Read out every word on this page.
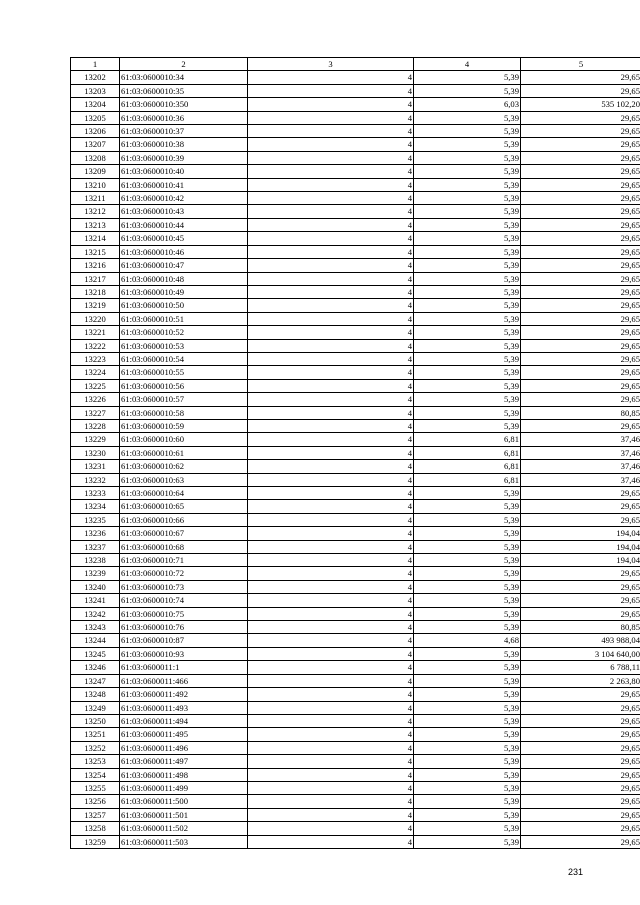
1	2	3	4	5
13202	61:03:0600010:34	4	5,39	29,65
13203	61:03:0600010:35	4	5,39	29,65
13204	61:03:0600010:350	4	6,03	535 102,20
13205	61:03:0600010:36	4	5,39	29,65
13206	61:03:0600010:37	4	5,39	29,65
13207	61:03:0600010:38	4	5,39	29,65
13208	61:03:0600010:39	4	5,39	29,65
13209	61:03:0600010:40	4	5,39	29,65
13210	61:03:0600010:41	4	5,39	29,65
13211	61:03:0600010:42	4	5,39	29,65
13212	61:03:0600010:43	4	5,39	29,65
13213	61:03:0600010:44	4	5,39	29,65
13214	61:03:0600010:45	4	5,39	29,65
13215	61:03:0600010:46	4	5,39	29,65
13216	61:03:0600010:47	4	5,39	29,65
13217	61:03:0600010:48	4	5,39	29,65
13218	61:03:0600010:49	4	5,39	29,65
13219	61:03:0600010:50	4	5,39	29,65
13220	61:03:0600010:51	4	5,39	29,65
13221	61:03:0600010:52	4	5,39	29,65
13222	61:03:0600010:53	4	5,39	29,65
13223	61:03:0600010:54	4	5,39	29,65
13224	61:03:0600010:55	4	5,39	29,65
13225	61:03:0600010:56	4	5,39	29,65
13226	61:03:0600010:57	4	5,39	29,65
13227	61:03:0600010:58	4	5,39	80,85
13228	61:03:0600010:59	4	5,39	29,65
13229	61:03:0600010:60	4	6,81	37,46
13230	61:03:0600010:61	4	6,81	37,46
13231	61:03:0600010:62	4	6,81	37,46
13232	61:03:0600010:63	4	6,81	37,46
13233	61:03:0600010:64	4	5,39	29,65
13234	61:03:0600010:65	4	5,39	29,65
13235	61:03:0600010:66	4	5,39	29,65
13236	61:03:0600010:67	4	5,39	194,04
13237	61:03:0600010:68	4	5,39	194,04
13238	61:03:0600010:71	4	5,39	194,04
13239	61:03:0600010:72	4	5,39	29,65
13240	61:03:0600010:73	4	5,39	29,65
13241	61:03:0600010:74	4	5,39	29,65
13242	61:03:0600010:75	4	5,39	29,65
13243	61:03:0600010:76	4	5,39	80,85
13244	61:03:0600010:87	4	4,68	493 988,04
13245	61:03:0600010:93	4	5,39	3 104 640,00
13246	61:03:0600011:1	4	5,39	6 788,11
13247	61:03:0600011:466	4	5,39	2 263,80
13248	61:03:0600011:492	4	5,39	29,65
13249	61:03:0600011:493	4	5,39	29,65
13250	61:03:0600011:494	4	5,39	29,65
13251	61:03:0600011:495	4	5,39	29,65
13252	61:03:0600011:496	4	5,39	29,65
13253	61:03:0600011:497	4	5,39	29,65
13254	61:03:0600011:498	4	5,39	29,65
13255	61:03:0600011:499	4	5,39	29,65
13256	61:03:0600011:500	4	5,39	29,65
13257	61:03:0600011:501	4	5,39	29,65
13258	61:03:0600011:502	4	5,39	29,65
13259	61:03:0600011:503	4	5,39	29,65
231
